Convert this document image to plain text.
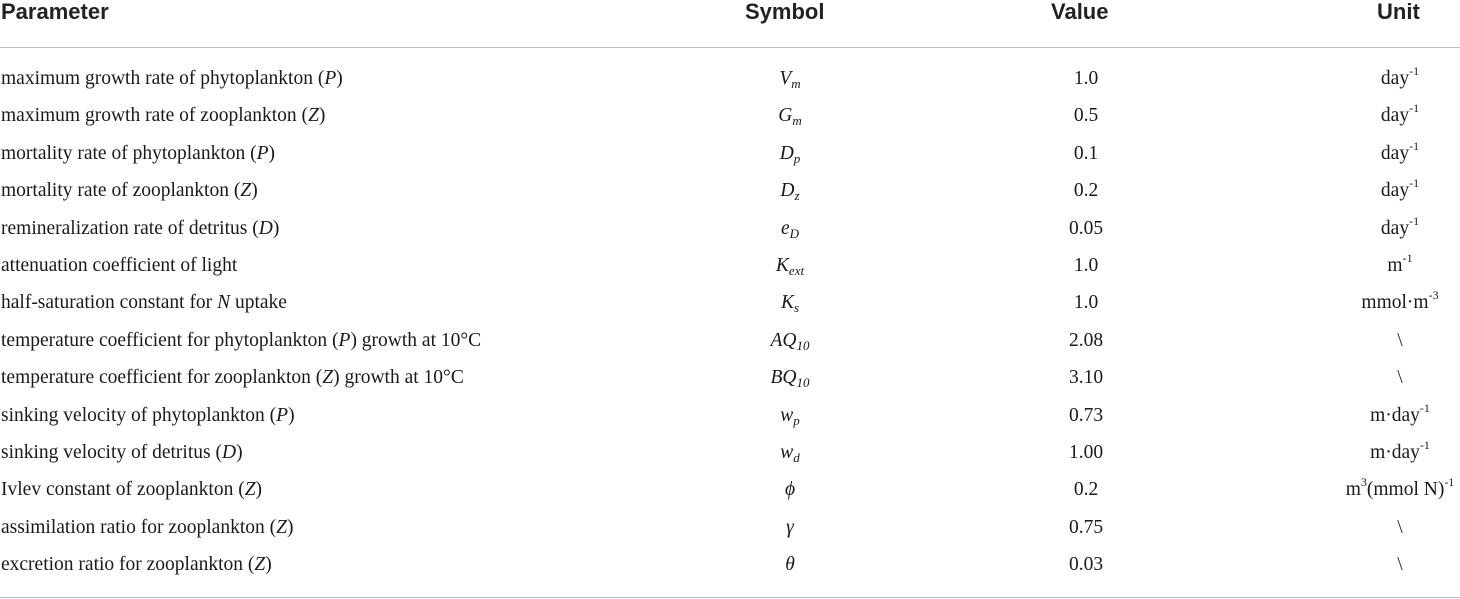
Parameter	Symbol	Value	Unit
maximum growth rate of phytoplankton (P)	$V_m$	1.0	day$^{-1}$
maximum growth rate of zooplankton (Z)	$G_m$	0.5	day$^{-1}$
mortality rate of phytoplankton (P)	$D_p$	0.1	day$^{-1}$
mortality rate of zooplankton (Z)	$D_z$	0.2	day$^{-1}$
remineralization rate of detritus (D)	$e_D$	0.05	day$^{-1}$
attenuation coefficient of light	$K_{ext}$	1.0	$m^{-1}$
half-saturation constant for N uptake	$K_s$	1.0	$mmol\cdot m^{-3}$
temperature coefficient for phytoplankton (P) growth at 10°C	$AQ_{10}$	2.08	\
temperature coefficient for zooplankton (Z) growth at 10°C	$BQ_{10}$	3.10	\
sinking velocity of phytoplankton (P)	$w_p$	0.73	m·day$^{-1}$
sinking velocity of detritus (D)	$w_d$	1.00	m·day$^{-1}$
Ivlev constant of zooplankton (Z)	ϕ	0.2	$m^3(mmol$ N)$^{-1}$
assimilation ratio for zooplankton (Z)	γ	0.75	\
excretion ratio for zooplankton (Z)	θ	0.03	\
